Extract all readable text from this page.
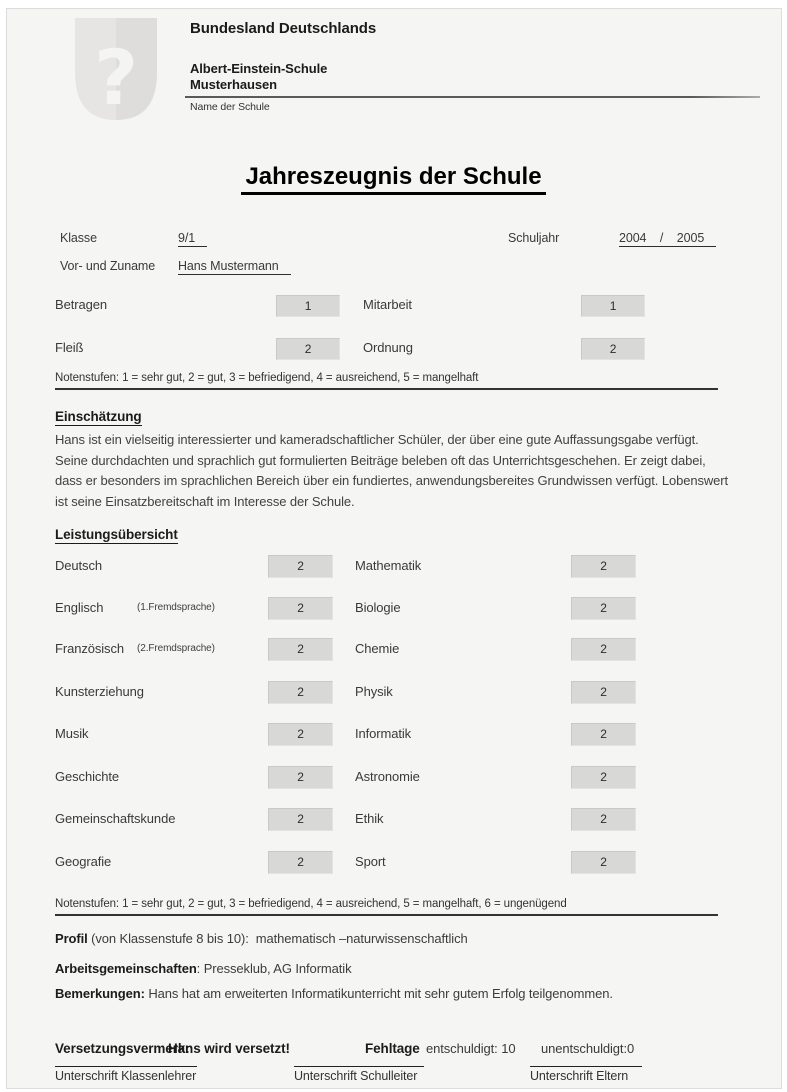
?
Bundesland Deutschlands
Albert-Einstein-Schule
Musterhausen
Name der Schule
Jahreszeugnis der Schule
Klasse	9/1	Schuljahr	2004    /    2005
Vor- und Zuname Hans Mustermann
Betragen	1	Mitarbeit	1
Fleiß	2	Ordnung	2
Notenstufen: 1 = sehr gut, 2 = gut, 3 = befriedigend, 4 = ausreichend, 5 = mangelhaft
Einschätzung
Hans ist ein vielseitig interessierter und kameradschaftlicher Schüler, der über eine gute Auffassungsgabe verfügt. Seine durchdachten und sprachlich gut formulierten Beiträge beleben oft das Unterrichtsgeschehen. Er zeigt dabei, dass er besonders im sprachlichen Bereich über ein fundiertes, anwendungsbereites Grundwissen verfügt. Lobenswert ist seine Einsatzbereitschaft im Interesse der Schule.
Leistungsübersicht
Deutsch	2	Mathematik	2
Englisch	(1.Fremdsprache)	2	Biologie	2
Französisch (2.Fremdsprache)	2	Chemie	2
Kunsterziehung	2	Physik	2
Musik	2	Informatik	2
Geschichte	2	Astronomie	2
Gemeinschaftskunde	2	Ethik	2
Geografie	2	Sport	2
Notenstufen: 1 = sehr gut, 2 = gut, 3 = befriedigend, 4 = ausreichend, 5 = mangelhaft, 6 = ungenügend
Profil (von Klassenstufe 8 bis 10): mathematisch –naturwissenschaftlich
Arbeitsgemeinschaften: Presseklub, AG Informatik
Bemerkungen: Hans hat am erweiterten Informatikunterricht mit sehr gutem Erfolg teilgenommen.
Versetzungsvermerk:
Hans wird versetzt!	Fehltage entschuldigt: 10 unentschuldigt:0
Unterschrift Klassenlehrer	Unterschrift Schulleiter	Unterschrift Eltern
